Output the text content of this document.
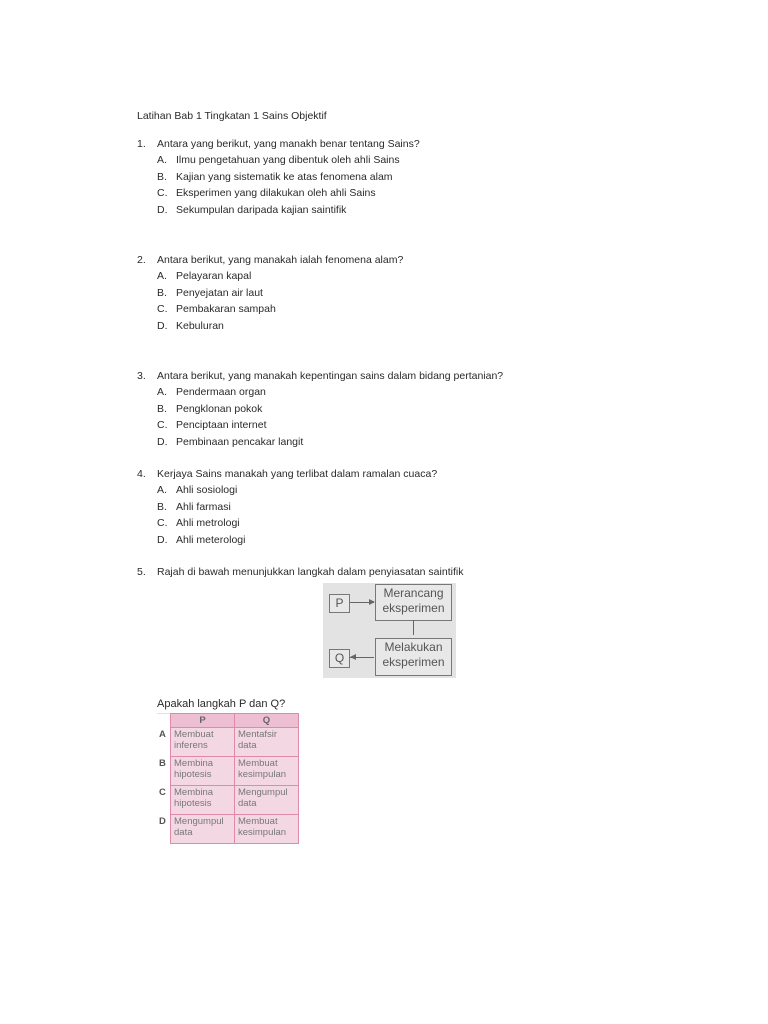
Latihan Bab 1 Tingkatan 1 Sains Objektif
1. Antara yang berikut, yang manakh benar tentang Sains?
A. Ilmu pengetahuan yang dibentuk oleh ahli Sains
B. Kajian yang sistematik ke atas fenomena alam
C. Eksperimen yang dilakukan oleh ahli Sains
D. Sekumpulan daripada kajian saintifik
2. Antara berikut, yang manakah ialah fenomena alam?
A. Pelayaran kapal
B. Penyejatan air laut
C. Pembakaran sampah
D. Kebuluran
3. Antara berikut, yang manakah kepentingan sains dalam bidang pertanian?
A. Pendermaan organ
B. Pengklonan pokok
C. Penciptaan internet
D. Pembinaan pencakar langit
4. Kerjaya Sains manakah yang terlibat dalam ramalan cuaca?
A. Ahli sosiologi
B. Ahli farmasi
C. Ahli metrologi
D. Ahli meterologi
5. Rajah di bawah menunjukkan langkah dalam penyiasatan saintifik
P
Merancang eksperimen
Melakukan eksperimen
Q
Apakah langkah P dan Q?
	P	Q
A	Membuat inferens	Mentafsir data
B	Membina hipotesis	Membuat kesimpulan
C	Membina hipotesis	Mengumpul data
D	Mengumpul data	Membuat kesimpulan
